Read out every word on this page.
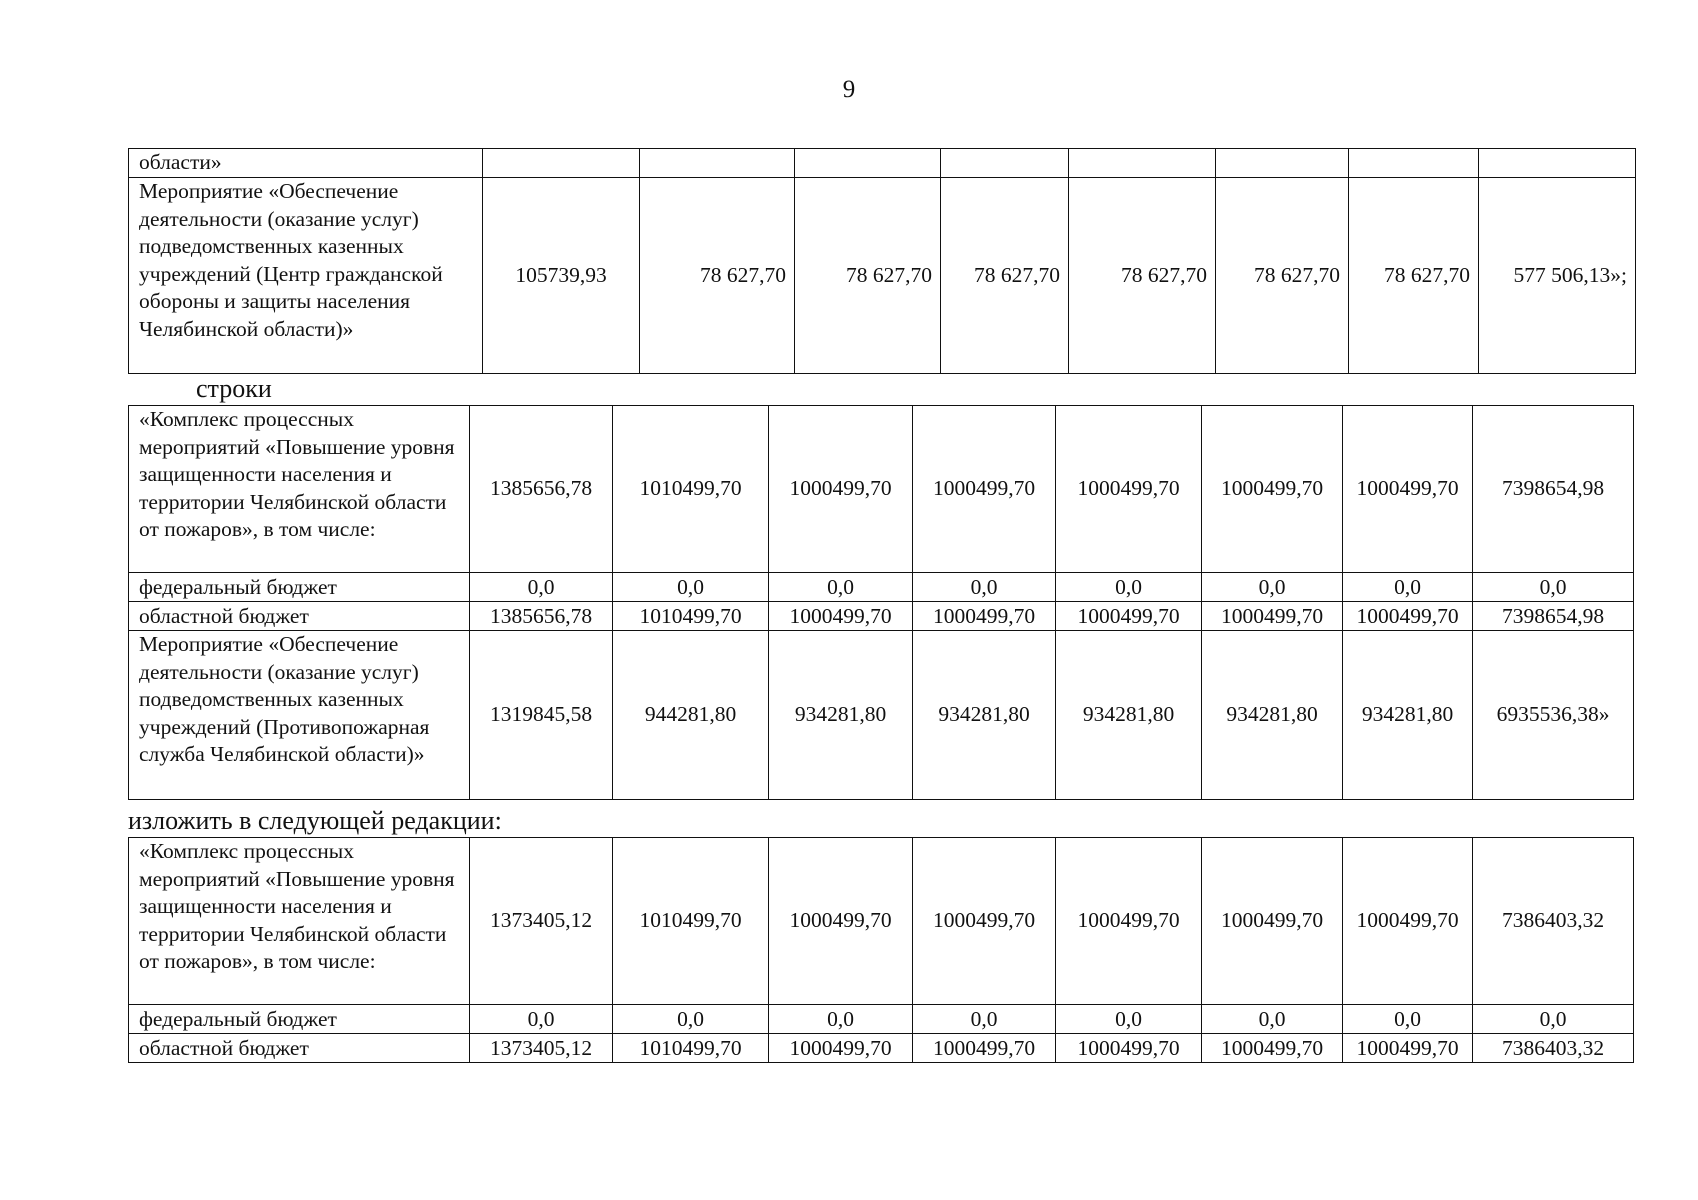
9
области»								
Мероприятие «Обеспечение деятельности (оказание услуг) подведомственных казенных учреждений (Центр гражданской обороны и защиты населения Челябинской области)»	105739,93	78 627,70	78 627,70	78 627,70	78 627,70	78 627,70	78 627,70	577 506,13»;
строки
«Комплекс процессных мероприятий «Повышение уровня защищенности населения и территории Челябинской области от пожаров», в том числе:	1385656,78	1010499,70	1000499,70	1000499,70	1000499,70	1000499,70	1000499,70	7398654,98
федеральный бюджет	0,0	0,0	0,0	0,0	0,0	0,0	0,0	0,0
областной бюджет	1385656,78	1010499,70	1000499,70	1000499,70	1000499,70	1000499,70	1000499,70	7398654,98
Мероприятие «Обеспечение деятельности (оказание услуг) подведомственных казенных учреждений (Противопожарная служба Челябинской области)»	1319845,58	944281,80	934281,80	934281,80	934281,80	934281,80	934281,80	6935536,38»
изложить в следующей редакции:
«Комплекс процессных мероприятий «Повышение уровня защищенности населения и территории Челябинской области от пожаров», в том числе:	1373405,12	1010499,70	1000499,70	1000499,70	1000499,70	1000499,70	1000499,70	7386403,32
федеральный бюджет	0,0	0,0	0,0	0,0	0,0	0,0	0,0	0,0
областной бюджет	1373405,12	1010499,70	1000499,70	1000499,70	1000499,70	1000499,70	1000499,70	7386403,32
